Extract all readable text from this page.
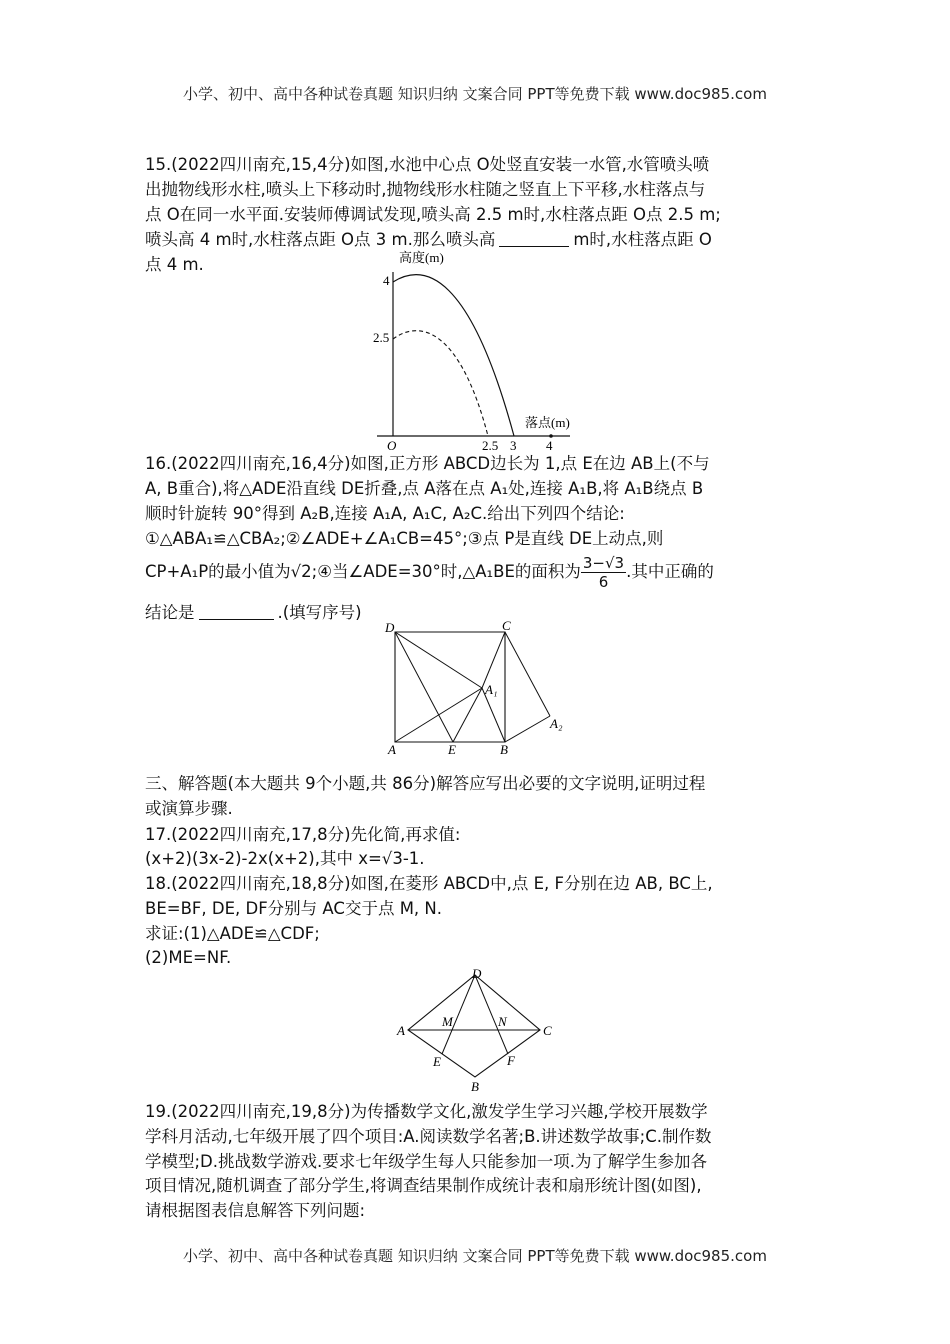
小学、初中、高中各种试卷真题 知识归纳 文案合同 PPT等免费下载 www.doc985.com
小学、初中、高中各种试卷真题 知识归纳 文案合同 PPT等免费下载 www.doc985.com
15.(2022四川南充,15,4分)如图,水池中心点 O处竖直安装一水管,水管喷头喷
出抛物线形水柱,喷头上下移动时,抛物线形水柱随之竖直上下平移,水柱落点与
点 O在同一水平面.安装师傅调试发现,喷头高 2.5 m时,水柱落点距 O点 2.5 m;
喷头高 4 m时,水柱落点距 O点 3 m.那么喷头高	m时,水柱落点距 O
点 4 m.	高度(m)
落点(m)
4
2.5
O	2.5 3 4
16.(2022四川南充,16,4分)如图,正方形 ABCD边长为 1,点 E在边 AB上(不与
A, B重合),将△ADE沿直线 DE折叠,点 A落在点 A₁处,连接 A₁B,将 A₁B绕点 B
顺时针旋转 90°得到 A₂B,连接 A₁A, A₁C, A₂C.给出下列四个结论:
①△ABA₁≌△CBA₂;②∠ADE+∠A₁CB=45°;③点 P是直线 DE上动点,则
CP+A₁P的最小值为√2;④当∠ADE=30°时,△A₁BE的面积为 $\frac{3-√3}{6}$ .其中正确的
结论是	.(填写序号)
D	C
A₁
A₂
A	E	B
三、解答题(本大题共 9个小题,共 86分)解答应写出必要的文字说明,证明过程
或演算步骤.
17.(2022四川南充,17,8分)先化简,再求值:
(x+2)(3x-2)-2x(x+2),其中 x=√3-1.
18.(2022四川南充,18,8分)如图,在菱形 ABCD中,点 E, F分别在边 AB, BC上,
BE=BF, DE, DF分别与 AC交于点 M, N.
求证:(1)△ADE≌△CDF;
(2)ME=NF.
D
A
M	N
C
E	F
B
19.(2022四川南充,19,8分)为传播数学文化,激发学生学习兴趣,学校开展数学
学科月活动,七年级开展了四个项目:A.阅读数学名著;B.讲述数学故事;C.制作数
学模型;D.挑战数学游戏.要求七年级学生每人只能参加一项.为了解学生参加各
项目情况,随机调查了部分学生,将调查结果制作成统计表和扇形统计图(如图),
请根据图表信息解答下列问题:
